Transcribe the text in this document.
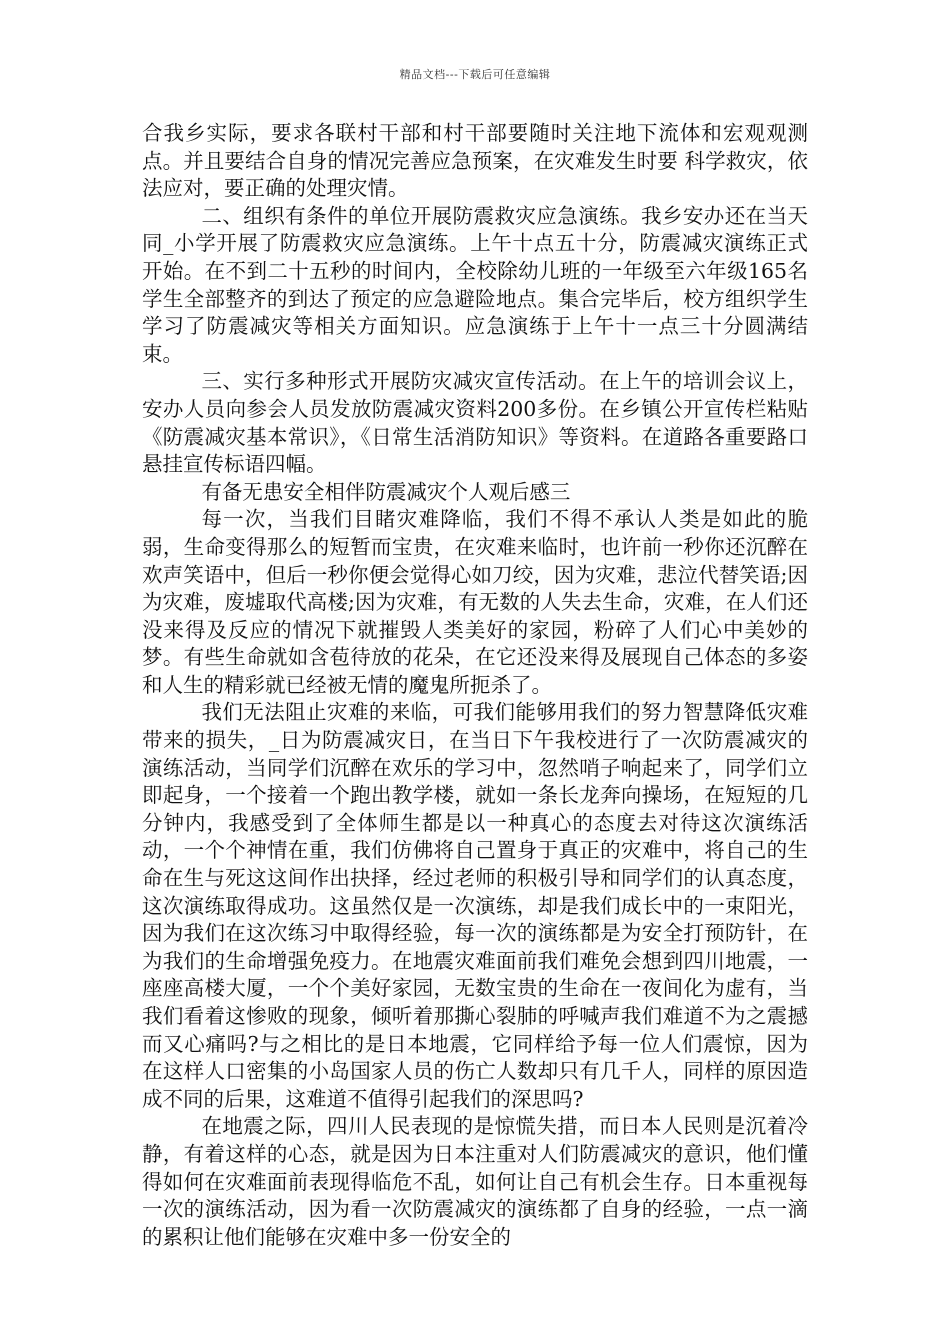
精品文档---下载后可任意编辑

合我乡实际，要求各联村干部和村干部要随时关注地下流体和宏观观测点。并且要结合自身的情况完善应急预案，在灾难发生时要 科学救灾，依法应对，要正确的处理灾情。

二、组织有条件的单位开展防震救灾应急演练。我乡安办还在当天同_小学开展了防震救灾应急演练。上午十点五十分，防震减灾演练正式开始。在不到二十五秒的时间内，全校除幼儿班的一年级至六年级165名学生全部整齐的到达了预定的应急避险地点。集合完毕后，校方组织学生学习了防震减灾等相关方面知识。应急演练于上午十一点三十分圆满结束。

三、实行多种形式开展防灾减灾宣传活动。在上午的培训会议上，安办人员向参会人员发放防震减灾资料200多份。在乡镇公开宣传栏粘贴《防震减灾基本常识》，《日常生活消防知识》等资料。在道路各重要路口悬挂宣传标语四幅。

有备无患安全相伴防震减灾个人观后感三

每一次，当我们目睹灾难降临，我们不得不承认人类是如此的脆弱，生命变得那么的短暂而宝贵，在灾难来临时，也许前一秒你还沉醉在欢声笑语中，但后一秒你便会觉得心如刀绞，因为灾难，悲泣代替笑语;因为灾难，废墟取代高楼;因为灾难，有无数的人失去生命，灾难，在人们还没来得及反应的情况下就摧毁人类美好的家园，粉碎了人们心中美妙的梦。有些生命就如含苞待放的花朵，在它还没来得及展现自己体态的多姿和人生的精彩就已经被无情的魔鬼所扼杀了。

我们无法阻止灾难的来临，可我们能够用我们的努力智慧降低灾难带来的损失，_日为防震减灾日，在当日下午我校进行了一次防震减灾的演练活动，当同学们沉醉在欢乐的学习中，忽然哨子响起来了，同学们立即起身，一个接着一个跑出教学楼，就如一条长龙奔向操场，在短短的几分钟内，我感受到了全体师生都是以一种真心的态度去对待这次演练活动，一个个神情在重，我们仿佛将自己置身于真正的灾难中，将自己的生命在生与死这这间作出抉择，经过老师的积极引导和同学们的认真态度，这次演练取得成功。这虽然仅是一次演练，却是我们成长中的一束阳光，因为我们在这次练习中取得经验，每一次的演练都是为安全打预防针，在为我们的生命增强免疫力。在地震灾难面前我们难免会想到四川地震，一座座高楼大厦，一个个美好家园，无数宝贵的生命在一夜间化为虚有，当我们看着这惨败的现象，倾听着那撕心裂肺的呼喊声我们难道不为之震撼而又心痛吗?与之相比的是日本地震，它同样给予每一位人们震惊，因为在这样人口密集的小岛国家人员的伤亡人数却只有几千人，同样的原因造成不同的后果，这难道不值得引起我们的深思吗?

在地震之际，四川人民表现的是惊慌失措，而日本人民则是沉着冷静，有着这样的心态，就是因为日本注重对人们防震减灾的意识，他们懂得如何在灾难面前表现得临危不乱，如何让自己有机会生存。日本重视每一次的演练活动，因为看一次防震减灾的演练都了自身的经验，一点一滴的累积让他们能够在灾难中多一份安全的
